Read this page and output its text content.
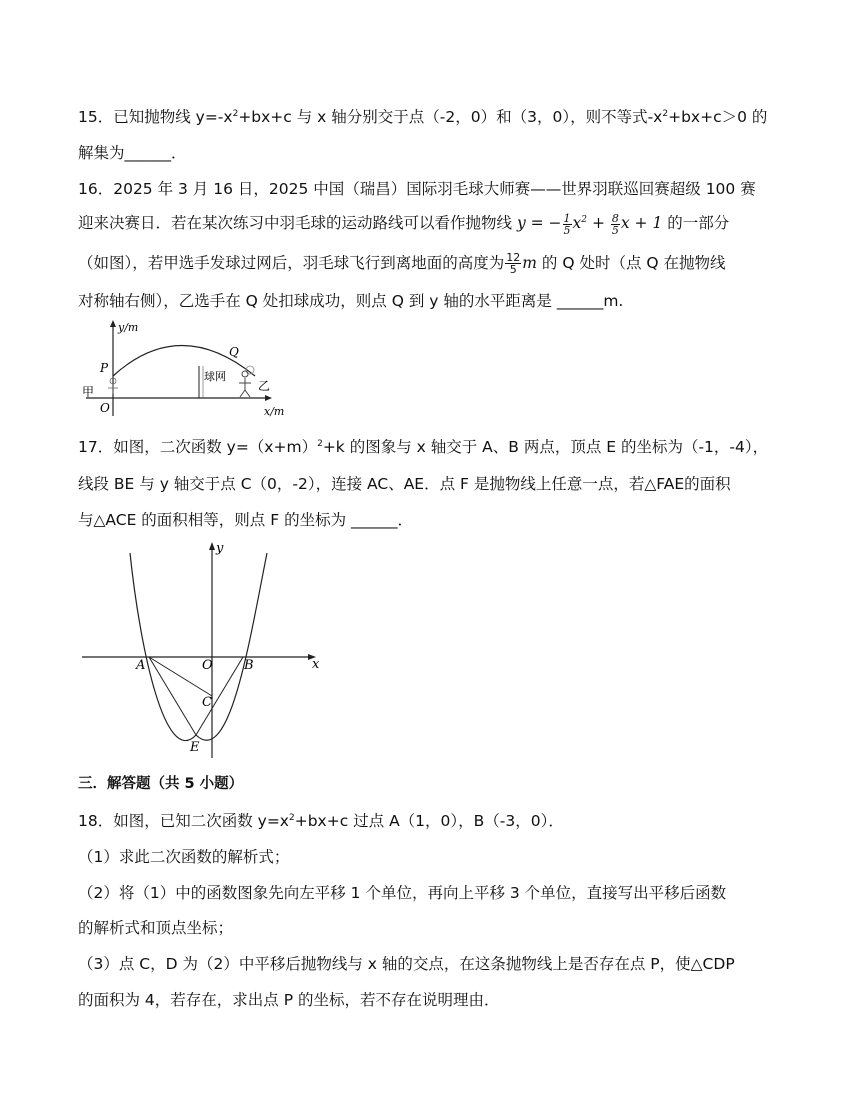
15．已知抛物线 $y=-x^2+bx+c$ 与 x 轴分别交于点（-2，0）和（3，0），则不等式$-x^2+bx+c>0$ 的
解集为______．
16．2025 年 3 月 16 日，2025 中国（瑞昌）国际羽毛球大师赛——世界羽联巡回赛超级 100 赛
迎来决赛日．若在某次练习中羽毛球的运动路线可以看作抛物线 y = − $\frac{1}{5} x^2 + \frac{8}{5}$ x + 1 的一部分
（如图），若甲选手发球过网后，羽毛球飞行到离地面的高度为 $\frac{12}{5}$ m 的 Q 处时（点 Q 在抛物线
对称轴右侧），乙选手在 Q 处扣球成功，则点 Q 到 y 轴的水平距离是 ______m.
y/m
x/m
P
Q
O
甲	乙
球网
17．如图，二次函数 $y=(x+m)^2+k$ 的图象与 x 轴交于 A、B 两点，顶点 E 的坐标为（-1，-4），
线段 BE 与 y 轴交于点 C（0，-2），连接 AC、AE．点 F 是抛物线上任意一点，若△FAE的面积
与△ACE 的面积相等，则点 F 的坐标为 ______．
y
x
A	O B
C
E
三．解答题（共 5 小题）
18．如图，已知二次函数 $y=x^2+bx+c$ 过点 A（1，0），B（-3，0）．
（1）求此二次函数的解析式；
（2）将（1）中的函数图象先向左平移 1 个单位，再向上平移 3 个单位，直接写出平移后函数
的解析式和顶点坐标；
（3）点 C，D 为（2）中平移后抛物线与 x 轴的交点，在这条抛物线上是否存在点 P，使△CDP
的面积为 4，若存在，求出点 P 的坐标，若不存在说明理由．
